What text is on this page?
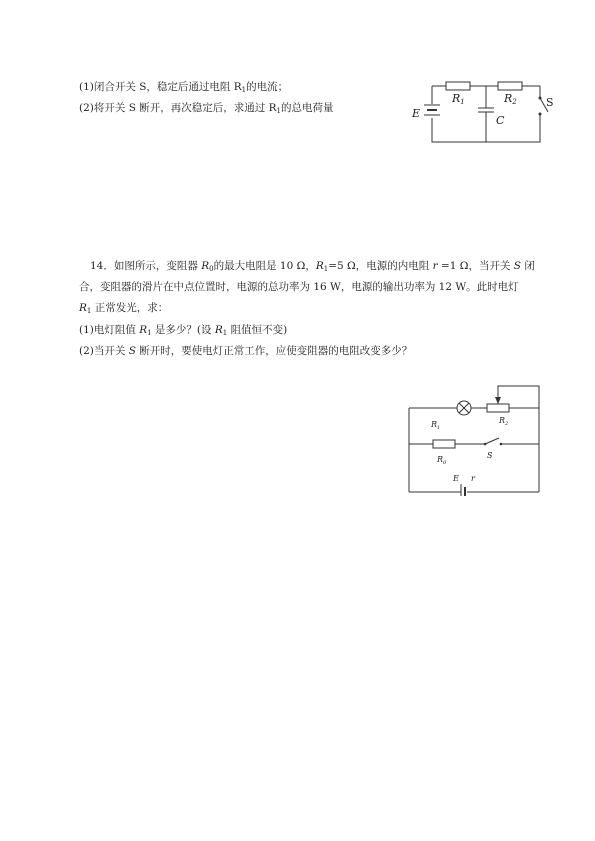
(1)闭合开关 S，稳定后通过电阻 $R_1$的电流；
(2)将开关 S 断开，再次稳定后，求通过 $R_1$的总电荷量
R1	R2	S
E
C
14．如图所示，变阻器 $R_0$的最大电阻是 10 Ω，$R_1=5$ Ω，电源的内电阻 r =1 Ω，当开关 S 闭
合，变阻器的滑片在中点位置时，电源的总功率为 16 W，电源的输出功率为 12 W。此时电灯
$R_1$ 正常发光，求：
(1)电灯阻值 $R_1$ 是多少？(设 $R_1$ 阻值恒不变)
(2)当开关 S 断开时，要使电灯正常工作，应使变阻器的电阻改变多少？
$R_1$
$R_2$
$R_0$
S
E r
